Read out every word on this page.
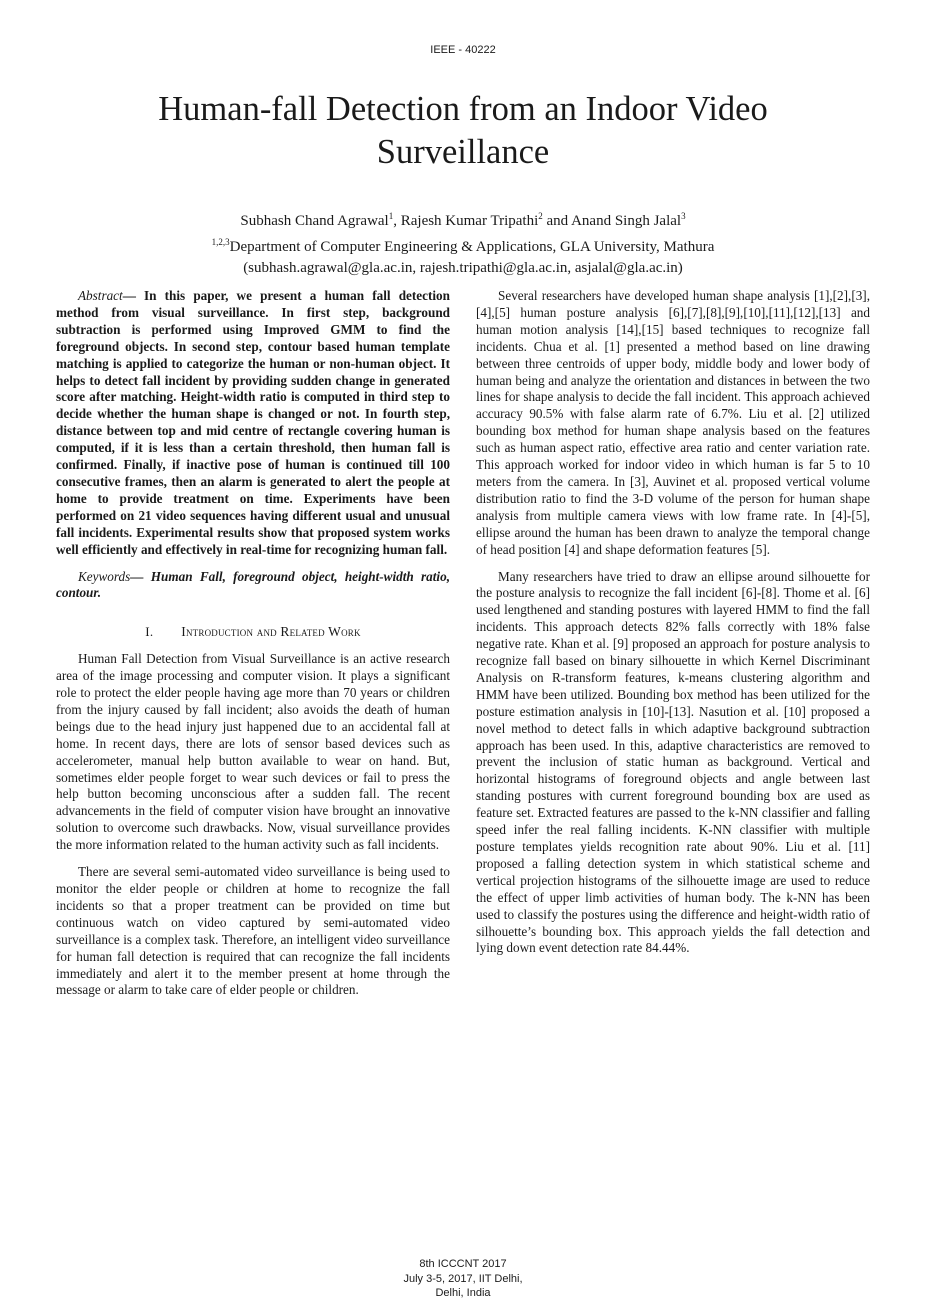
IEEE - 40222
Human-fall Detection from an Indoor Video Surveillance
Subhash Chand Agrawal$^1$, Rajesh Kumar Tripathi$^2$ and Anand Singh Jalal$^3$
$^{1,2,3}$Department of Computer Engineering & Applications, GLA University, Mathura
(subhash.agrawal@gla.ac.in, rajesh.tripathi@gla.ac.in, asjalal@gla.ac.in)

Abstract— In this paper, we present a human fall detection method from visual surveillance. In first step, background subtraction is performed using Improved GMM to find the foreground objects. In second step, contour based human template matching is applied to categorize the human or non-human object. It helps to detect fall incident by providing sudden change in generated score after matching. Height-width ratio is computed in third step to decide whether the human shape is changed or not. In fourth step, distance between top and mid centre of rectangle covering human is computed, if it is less than a certain threshold, then human fall is confirmed. Finally, if inactive pose of human is continued till 100 consecutive frames, then an alarm is generated to alert the people at home to provide treatment on time. Experiments have been performed on 21 video sequences having different usual and unusual fall incidents. Experimental results show that proposed system works well efficiently and effectively in real-time for recognizing human fall.

Keywords— Human Fall, foreground object, height-width ratio, contour.

I. Introduction and Related Work

Human Fall Detection from Visual Surveillance is an active research area of the image processing and computer vision. It plays a significant role to protect the elder people having age more than 70 years or children from the injury caused by fall incident; also avoids the death of human beings due to the head injury just happened due to an accidental fall at home. In recent days, there are lots of sensor based devices such as accelerometer, manual help button available to wear on hand. But, sometimes elder people forget to wear such devices or fail to press the help button becoming unconscious after a sudden fall. The recent advancements in the field of computer vision have brought an innovative solution to overcome such drawbacks. Now, visual surveillance provides the more information related to the human activity such as fall incidents.

There are several semi-automated video surveillance is being used to monitor the elder people or children at home to recognize the fall incidents so that a proper treatment can be provided on time but continuous watch on video captured by semi-automated video surveillance is a complex task. Therefore, an intelligent video surveillance for human fall detection is required that can recognize the fall incidents immediately and alert it to the member present at home through the message or alarm to take care of elder people or children.

Several researchers have developed human shape analysis [1],[2],[3],[4],[5] human posture analysis [6],[7],[8],[9],[10],[11],[12],[13] and human motion analysis [14],[15] based techniques to recognize fall incidents. Chua et al. [1] presented a method based on line drawing between three centroids of upper body, middle body and lower body of human being and analyze the orientation and distances in between the two lines for shape analysis to decide the fall incident. This approach achieved accuracy 90.5% with false alarm rate of 6.7%. Liu et al. [2] utilized bounding box method for human shape analysis based on the features such as human aspect ratio, effective area ratio and center variation rate. This approach worked for indoor video in which human is far 5 to 10 meters from the camera. In [3], Auvinet et al. proposed vertical volume distribution ratio to find the 3-D volume of the person for human shape analysis from multiple camera views with low frame rate. In [4]-[5], ellipse around the human has been drawn to analyze the temporal change of head position [4] and shape deformation features [5].

Many researchers have tried to draw an ellipse around silhouette for the posture analysis to recognize the fall incident [6]-[8]. Thome et al. [6] used lengthened and standing postures with layered HMM to find the fall incidents. This approach detects 82% falls correctly with 18% false negative rate. Khan et al. [9] proposed an approach for posture analysis to recognize fall based on binary silhouette in which Kernel Discriminant Analysis on R-transform features, k-means clustering algorithm and HMM have been utilized. Bounding box method has been utilized for the posture estimation analysis in [10]-[13]. Nasution et al. [10] proposed a novel method to detect falls in which adaptive background subtraction approach has been used. In this, adaptive characteristics are removed to prevent the inclusion of static human as background. Vertical and horizontal histograms of foreground objects and angle between last standing postures with current foreground bounding box are used as feature set. Extracted features are passed to the k-NN classifier and falling speed infer the real falling incidents. K-NN classifier with multiple posture templates yields recognition rate about 90%. Liu et al. [11] proposed a falling detection system in which statistical scheme and vertical projection histograms of the silhouette image are used to reduce the effect of upper limb activities of human body. The k-NN has been used to classify the postures using the difference and height-width ratio of silhouette’s bounding box. This approach yields the fall detection and lying down event detection rate 84.44%.

8th ICCCNT 2017
July 3-5, 2017, IIT Delhi,
Delhi, India
